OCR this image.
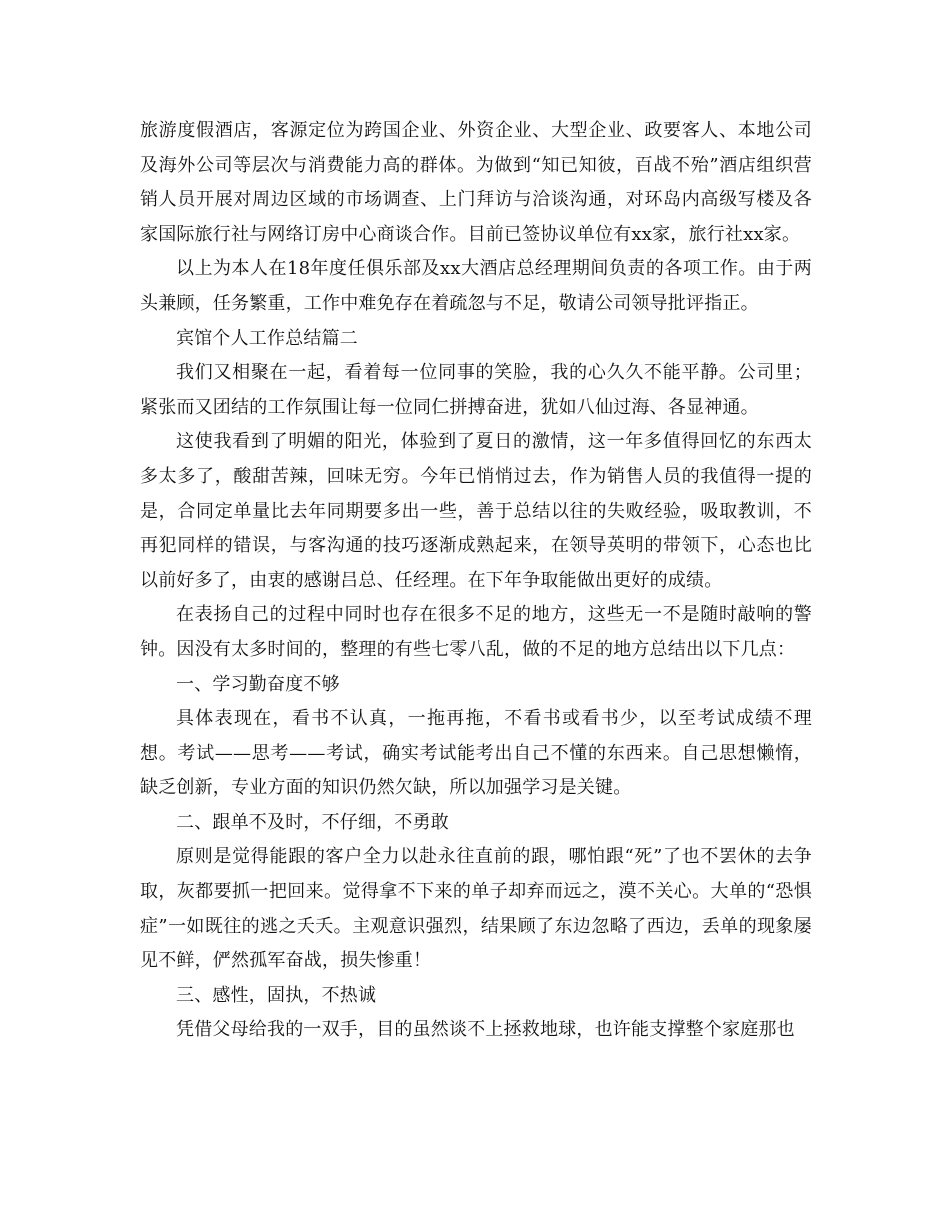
旅游度假酒店，客源定位为跨国企业、外资企业、大型企业、政要客人、本地公司及海外公司等层次与消费能力高的群体。为做到“知已知彼，百战不殆”酒店组织营销人员开展对周边区域的市场调查、上门拜访与洽谈沟通，对环岛内高级写楼及各家国际旅行社与网络订房中心商谈合作。目前已签协议单位有xx家，旅行社xx家。

以上为本人在18年度任俱乐部及xx大酒店总经理期间负责的各项工作。由于两头兼顾，任务繁重，工作中难免存在着疏忽与不足，敬请公司领导批评指正。

宾馆个人工作总结篇二

我们又相聚在一起，看着每一位同事的笑脸，我的心久久不能平静。公司里；紧张而又团结的工作氛围让每一位同仁拼搏奋进，犹如八仙过海、各显神通。

这使我看到了明媚的阳光，体验到了夏日的激情，这一年多值得回忆的东西太多太多了，酸甜苦辣，回味无穷。今年已悄悄过去，作为销售人员的我值得一提的是，合同定单量比去年同期要多出一些，善于总结以往的失败经验，吸取教训，不再犯同样的错误，与客沟通的技巧逐渐成熟起来，在领导英明的带领下，心态也比以前好多了，由衷的感谢吕总、任经理。在下年争取能做出更好的成绩。

在表扬自己的过程中同时也存在很多不足的地方，这些无一不是随时敲响的警钟。因没有太多时间的，整理的有些七零八乱，做的不足的地方总结出以下几点：

一、学习勤奋度不够

具体表现在，看书不认真，一拖再拖，不看书或看书少，以至考试成绩不理想。考试——思考——考试，确实考试能考出自己不懂的东西来。自己思想懒惰，缺乏创新，专业方面的知识仍然欠缺，所以加强学习是关键。

二、跟单不及时，不仔细，不勇敢

原则是觉得能跟的客户全力以赴永往直前的跟，哪怕跟“死”了也不罢休的去争取，灰都要抓一把回来。觉得拿不下来的单子却弃而远之，漠不关心。大单的“恐惧症”一如既往的逃之夭夭。主观意识强烈，结果顾了东边忽略了西边，丢单的现象屡见不鲜，俨然孤军奋战，损失惨重！

三、感性，固执，不热诚

凭借父母给我的一双手，目的虽然谈不上拯救地球，也许能支撑整个家庭那也
